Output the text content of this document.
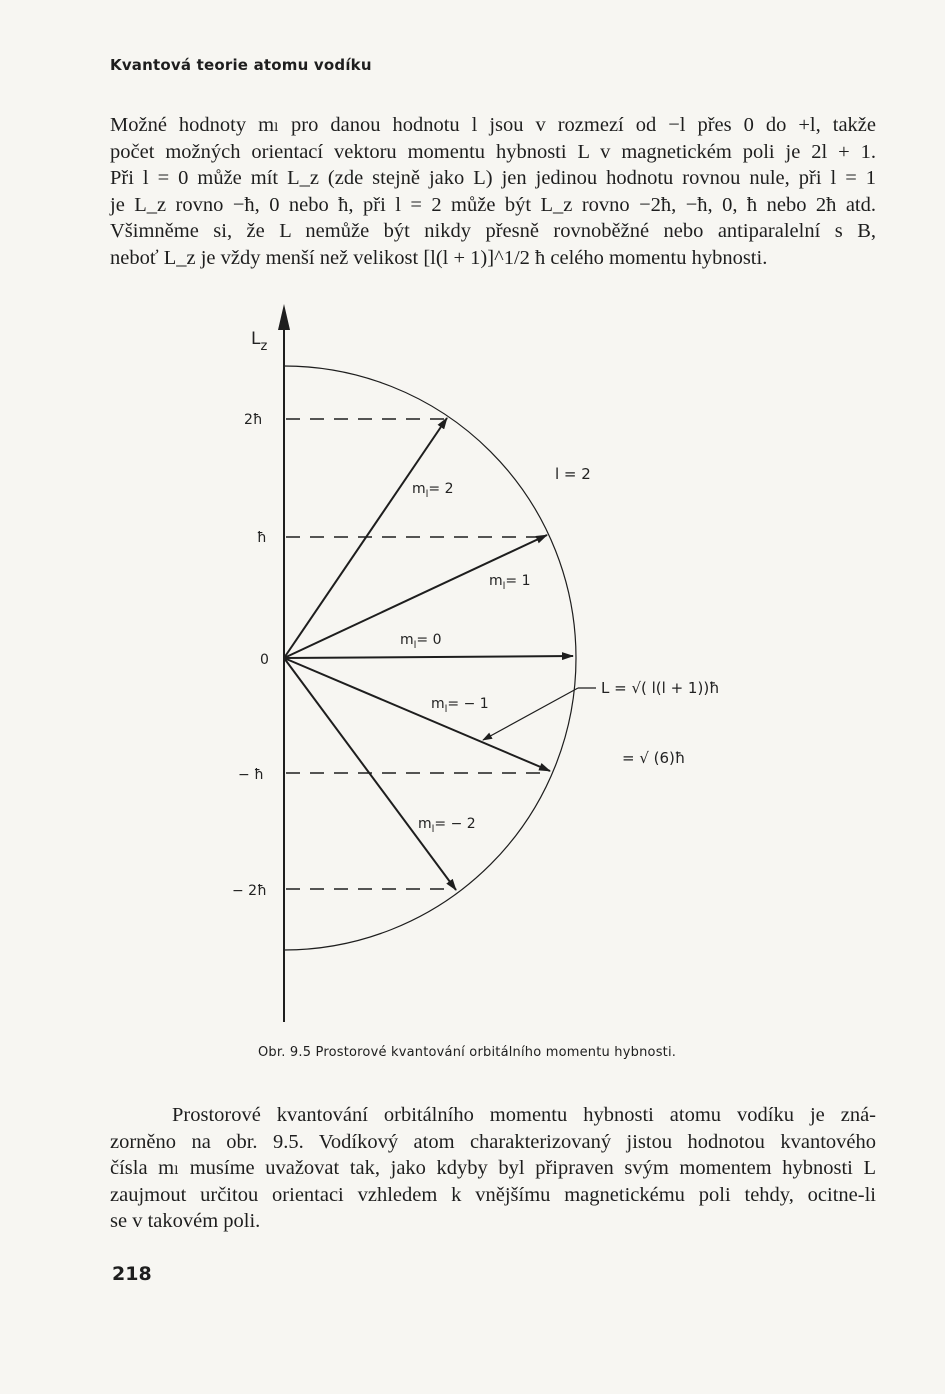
Kvantová teorie atomu vodíku

Možné hodnoty mₗ pro danou hodnotu l jsou v rozmezí od −l přes 0 do +l, takže
počet možných orientací vektoru momentu hybnosti L v magnetickém poli je 2l + 1.
Při l = 0 může mít L_z (zde stejně jako L) jen jedinou hodnotu rovnou nule, při l = 1
je L_z rovno −ħ, 0 nebo ħ, při l = 2 může být L_z rovno −2ħ, −ħ, 0, ħ nebo 2ħ atd.
Všimněme si, že L nemůže být nikdy přesně rovnoběžné nebo antiparalelní s B,
neboť L_z je vždy menší než velikost [l(l + 1)]^1/2 ħ celého momentu hybnosti.

$L_z$
2ħ
ħ
0
− ħ
− 2ħ
l = 2
$m_l= 2$
$m_l= 1$
$m_l= 0$
$m_l= - 1$
$m_l= - 2$
L = √( l(l + 1))ħ
= √ (6)ħ
Obr. 9.5 Prostorové kvantování orbitálního momentu hybnosti.

Prostorové kvantování orbitálního momentu hybnosti atomu vodíku je zná-
zorněno na obr. 9.5. Vodíkový atom charakterizovaný jistou hodnotou kvantového
čísla mₗ musíme uvažovat tak, jako kdyby byl připraven svým momentem hybnosti L
zaujmout určitou orientaci vzhledem k vnějšímu magnetickému poli tehdy, ocitne-li
se v takovém poli.

218
